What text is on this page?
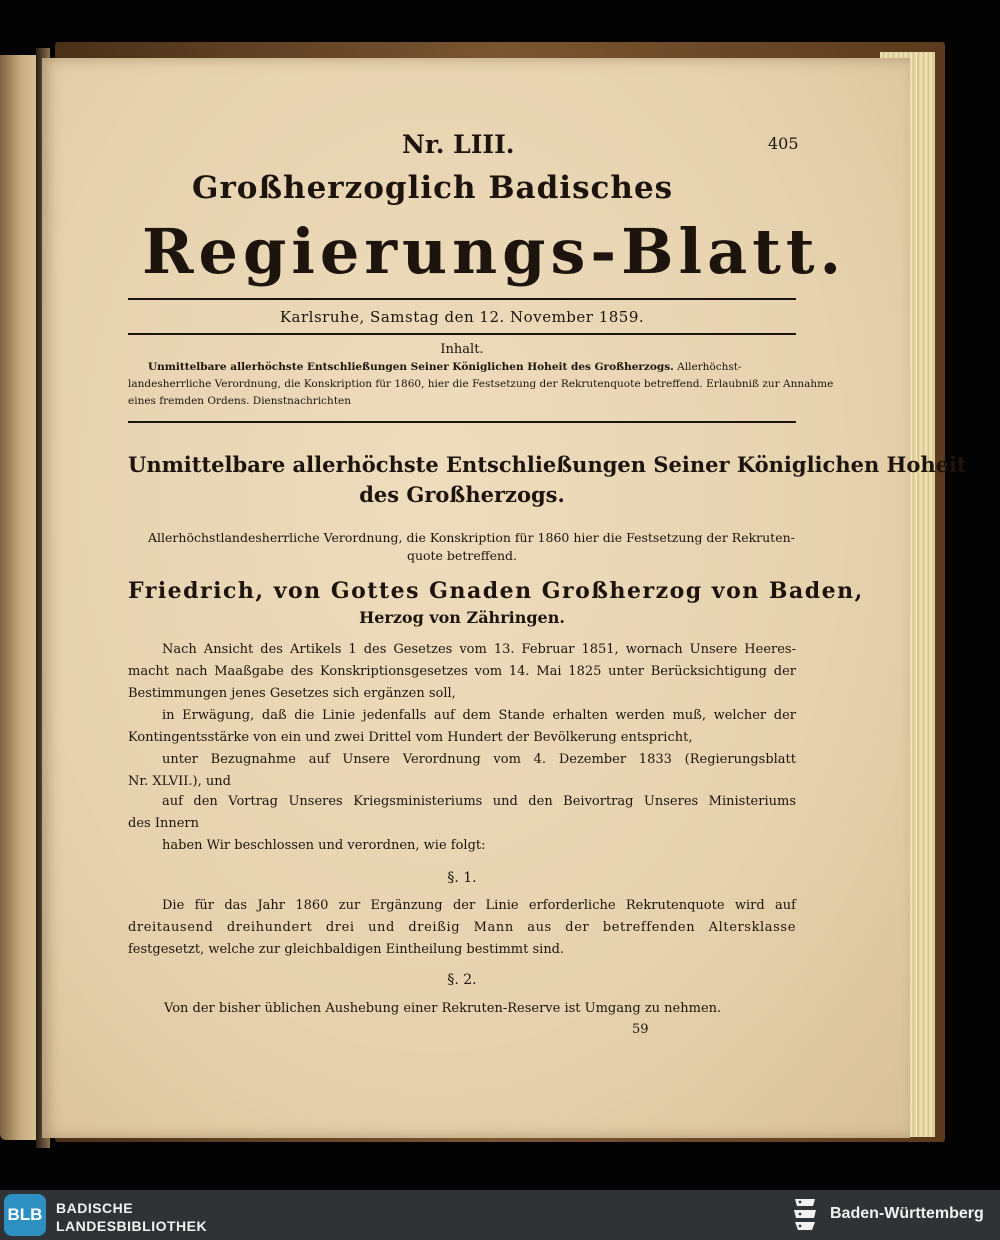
Nr. LIII.	405
Großherzoglich Badisches
Regierungs-Blatt.
Karlsruhe, Samstag den 12. November 1859.
Inhalt.
Unmittelbare allerhöchste Entschließungen Seiner Königlichen Hoheit des Großherzogs. Allerhöchst-
landesherrliche Verordnung, die Konskription für 1860, hier die Festsetzung der Rekrutenquote betreffend. Erlaubniß zur Annahme
eines fremden Ordens. Dienstnachrichten
Unmittelbare allerhöchste Entschließungen Seiner Königlichen Hoheit
des Großherzogs.
Allerhöchstlandesherrliche Verordnung, die Konskription für 1860 hier die Festsetzung der Rekruten-
quote betreffend.
Friedrich, von Gottes Gnaden Großherzog von Baden,
Herzog von Zähringen.
Nach Ansicht des Artikels 1 des Gesetzes vom 13. Februar 1851, wornach Unsere Heeres-
macht nach Maaßgabe des Konskriptionsgesetzes vom 14. Mai 1825 unter Berücksichtigung der
Bestimmungen jenes Gesetzes sich ergänzen soll,
in Erwägung, daß die Linie jedenfalls auf dem Stande erhalten werden muß, welcher der
Kontingentsstärke von ein und zwei Drittel vom Hundert der Bevölkerung entspricht,
unter Bezugnahme auf Unsere Verordnung vom 4. Dezember 1833 (Regierungsblatt
Nr. XLVII.), und
auf den Vortrag Unseres Kriegsministeriums und den Beivortrag Unseres Ministeriums
des Innern
haben Wir beschlossen und verordnen, wie folgt:
§. 1.
Die für das Jahr 1860 zur Ergänzung der Linie erforderliche Rekrutenquote wird auf
dreitausend dreihundert drei und dreißig Mann aus der betreffenden Altersklasse
festgesetzt, welche zur gleichbaldigen Eintheilung bestimmt sind.
§. 2.
Von der bisher üblichen Aushebung einer Rekruten-Reserve ist Umgang zu nehmen.
59
BLB BADISCHE
LANDESBIBLIOTHEK
Baden-Württemberg
